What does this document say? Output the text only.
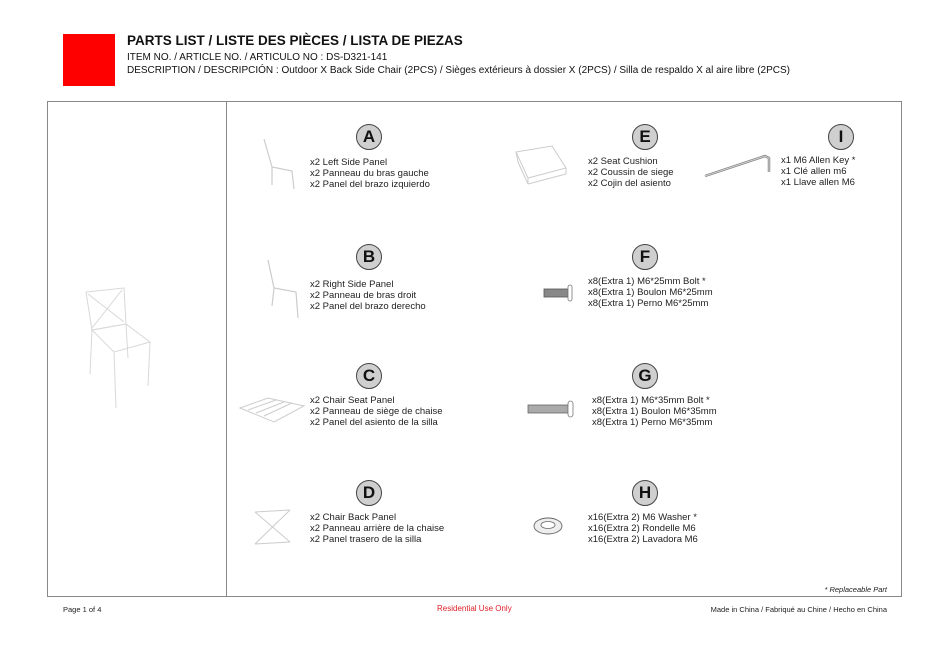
PARTS LIST / LISTE DES PIÈCES / LISTA DE PIEZAS
ITEM NO. / ARTICLE NO. / ARTICULO NO : DS-D321-141
DESCRIPTION / DESCRIPCIÓN : Outdoor X Back Side Chair (2PCS) / Sièges extérieurs à dossier X (2PCS) / Silla de respaldo X al aire libre (2PCS)
A
x2 Left Side Panel
x2 Panneau du bras gauche
x2 Panel del brazo izquierdo
B
x2 Right Side Panel
x2 Panneau de bras droit
x2 Panel del brazo derecho
C
x2 Chair Seat Panel
x2 Panneau de siège de chaise
x2 Panel del asiento de la silla
D
x2 Chair Back Panel
x2 Panneau arrière de la chaise
x2 Panel trasero de la silla
E
x2 Seat Cushion
x2 Coussin de siege
x2 Cojin del asiento
F
x8(Extra 1) M6*25mm Bolt *
x8(Extra 1) Boulon M6*25mm
x8(Extra 1) Perno M6*25mm
G
x8(Extra 1) M6*35mm Bolt *
x8(Extra 1) Boulon M6*35mm
x8(Extra 1) Perno M6*35mm
H
x16(Extra 2) M6 Washer *
x16(Extra 2) Rondelle M6
x16(Extra 2) Lavadora M6
I
x1 M6 Allen Key *
x1 Clé allen m6
x1 Llave allen M6
* Replaceable Part
Page 1 of 4	Residential Use Only	Made in China / Fabriqué au Chine / Hecho en China
